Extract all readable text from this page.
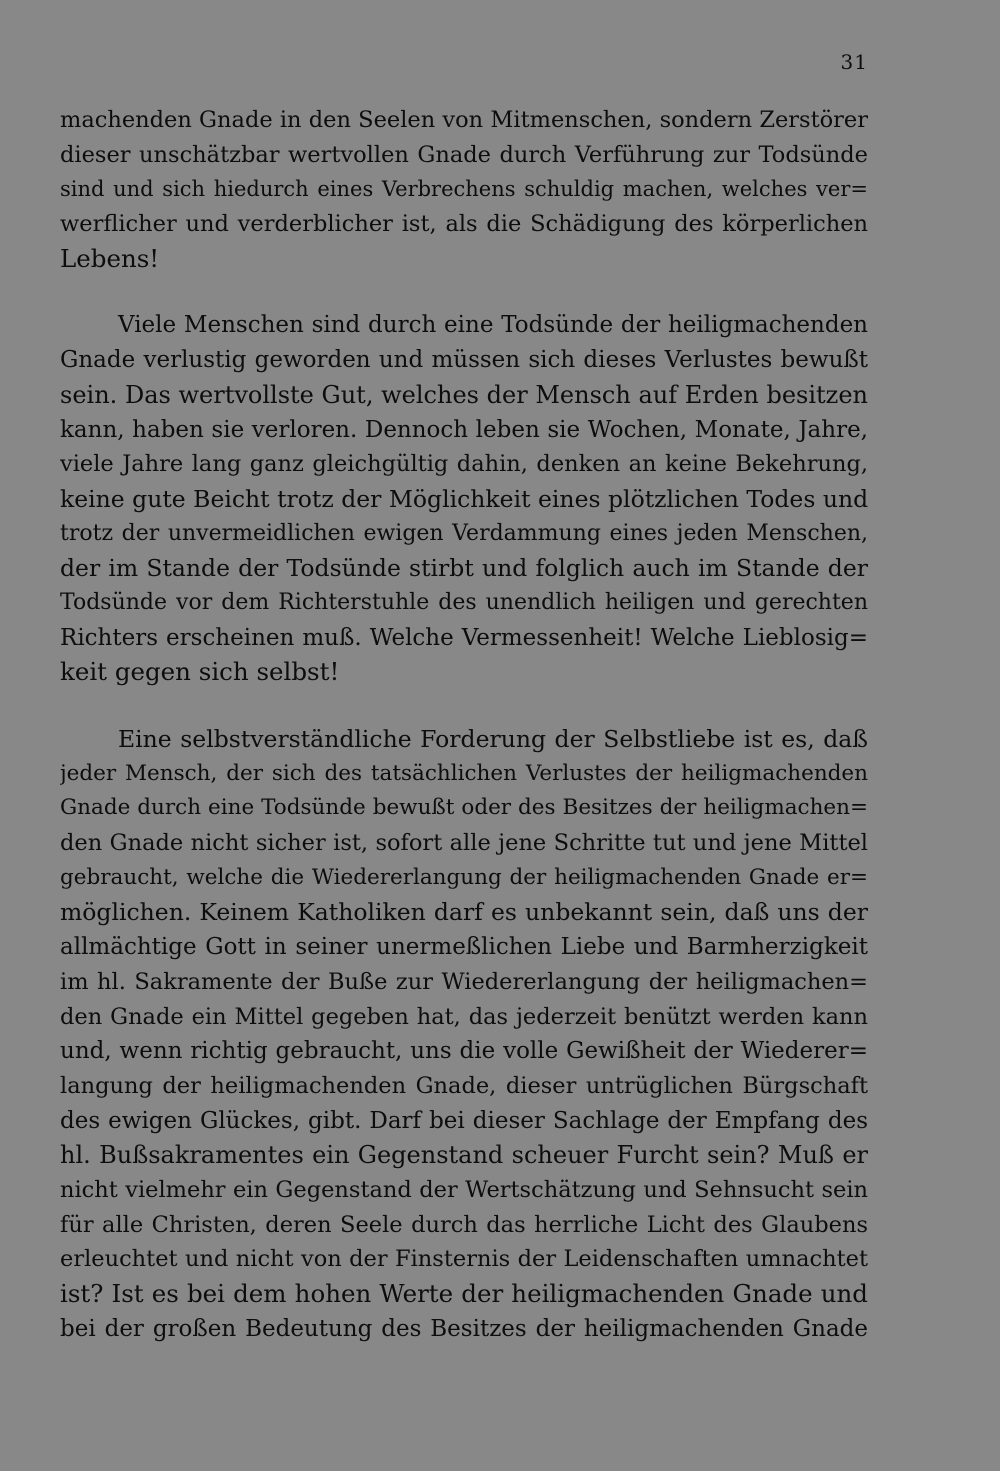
31
machenden Gnade in den Seelen von Mitmenschen, sondern Zerstörer
dieser unschätzbar wertvollen Gnade durch Verführung zur Todsünde
sind und sich hiedurch eines Verbrechens schuldig machen, welches ver=
werflicher und verderblicher ist, als die Schädigung des körperlichen
Lebens!
Viele Menschen sind durch eine Todsünde der heiligmachenden
Gnade verlustig geworden und müssen sich dieses Verlustes bewußt
sein. Das wertvollste Gut, welches der Mensch auf Erden besitzen
kann, haben sie verloren. Dennoch leben sie Wochen, Monate, Jahre,
viele Jahre lang ganz gleichgültig dahin, denken an keine Bekehrung,
keine gute Beicht trotz der Möglichkeit eines plötzlichen Todes und
trotz der unvermeidlichen ewigen Verdammung eines jeden Menschen,
der im Stande der Todsünde stirbt und folglich auch im Stande der
Todsünde vor dem Richterstuhle des unendlich heiligen und gerechten
Richters erscheinen muß. Welche Vermessenheit! Welche Lieblosig=
keit gegen sich selbst!
Eine selbstverständliche Forderung der Selbstliebe ist es, daß
jeder Mensch, der sich des tatsächlichen Verlustes der heiligmachenden
Gnade durch eine Todsünde bewußt oder des Besitzes der heiligmachen=
den Gnade nicht sicher ist, sofort alle jene Schritte tut und jene Mittel
gebraucht, welche die Wiedererlangung der heiligmachenden Gnade er=
möglichen. Keinem Katholiken darf es unbekannt sein, daß uns der
allmächtige Gott in seiner unermeßlichen Liebe und Barmherzigkeit
im hl. Sakramente der Buße zur Wiedererlangung der heiligmachen=
den Gnade ein Mittel gegeben hat, das jederzeit benützt werden kann
und, wenn richtig gebraucht, uns die volle Gewißheit der Wiederer=
langung der heiligmachenden Gnade, dieser untrüglichen Bürgschaft
des ewigen Glückes, gibt. Darf bei dieser Sachlage der Empfang des
hl. Bußsakramentes ein Gegenstand scheuer Furcht sein? Muß er
nicht vielmehr ein Gegenstand der Wertschätzung und Sehnsucht sein
für alle Christen, deren Seele durch das herrliche Licht des Glaubens
erleuchtet und nicht von der Finsternis der Leidenschaften umnachtet
ist? Ist es bei dem hohen Werte der heiligmachenden Gnade und
bei der großen Bedeutung des Besitzes der heiligmachenden Gnade
